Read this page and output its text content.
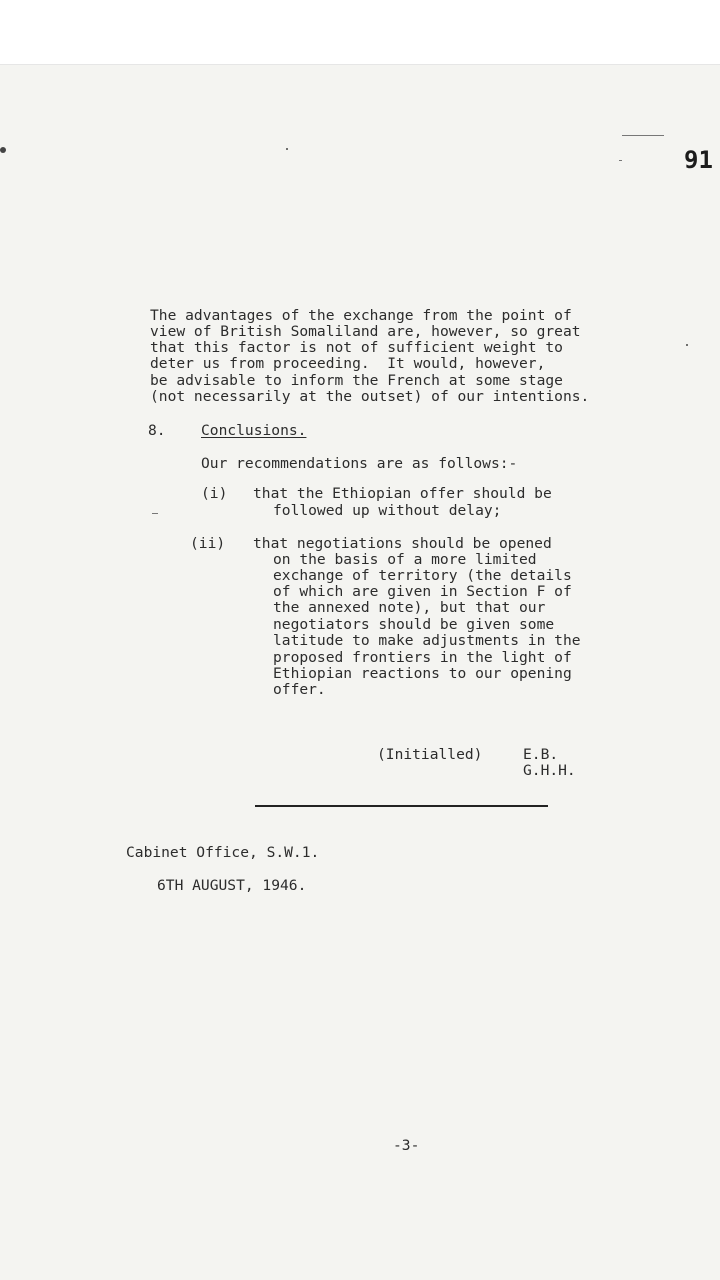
91
The advantages of the exchange from the point of
view of British Somaliland are, however, so great
that this factor is not of sufficient weight to
deter us from proceeding.  It would, however,
be advisable to inform the French at some stage
(not necessarily at the outset) of our intentions.
8. Conclusions.
Our recommendations are as follows:-
(i) that the Ethiopian offer should be
followed up without delay;
(ii) that negotiations should be opened
on the basis of a more limited
exchange of territory (the details
of which are given in Section F of
the annexed note), but that our
negotiators should be given some
latitude to make adjustments in the
proposed frontiers in the light of
Ethiopian reactions to our opening
offer.
(Initialled)	E.B.
G.H.H.
Cabinet Office, S.W.1.
6TH AUGUST, 1946.
-3-
